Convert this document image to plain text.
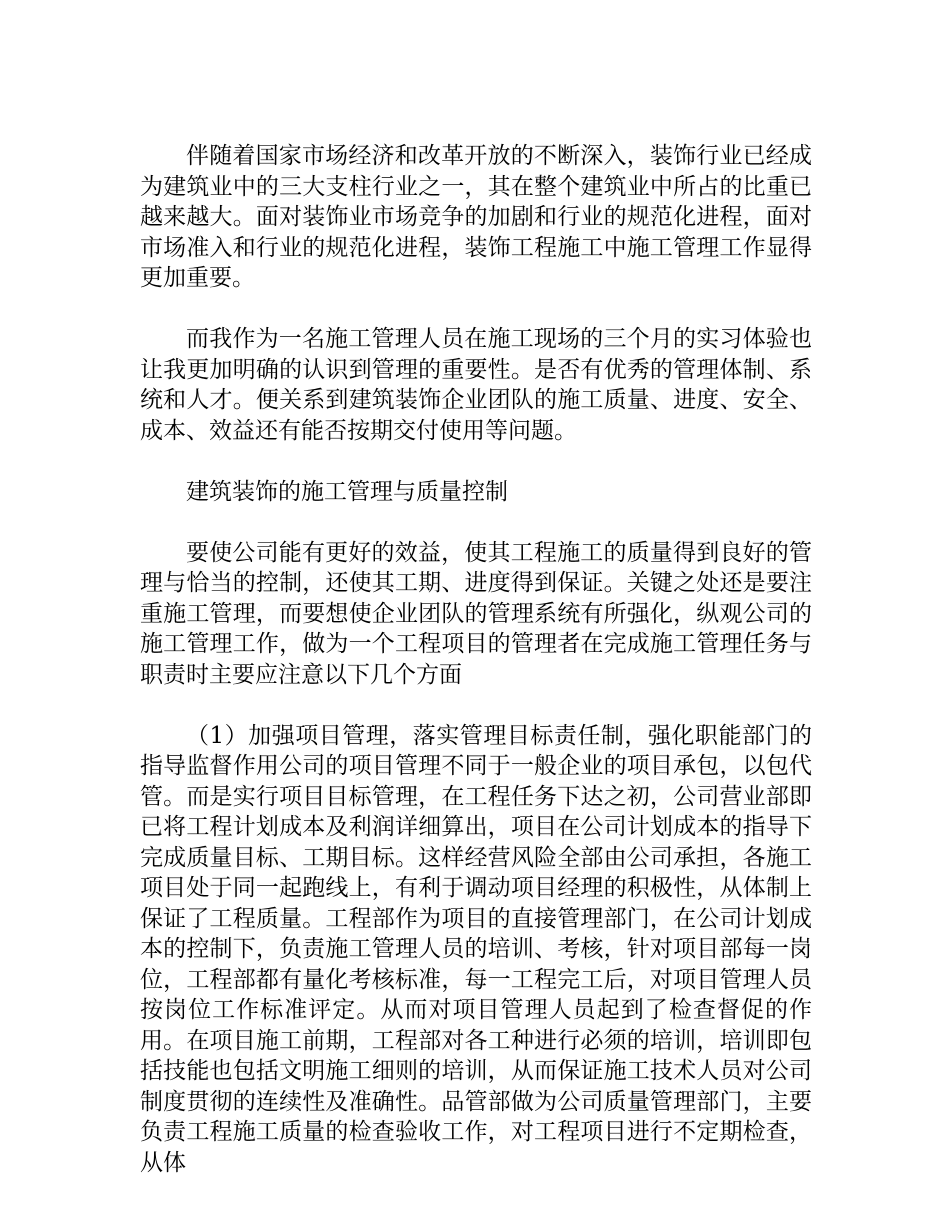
伴随着国家市场经济和改革开放的不断深入，装饰行业已经成为建筑业中的三大支柱行业之一，其在整个建筑业中所占的比重已越来越大。面对装饰业市场竞争的加剧和行业的规范化进程，面对市场准入和行业的规范化进程，装饰工程施工中施工管理工作显得更加重要。

而我作为一名施工管理人员在施工现场的三个月的实习体验也让我更加明确的认识到管理的重要性。是否有优秀的管理体制、系统和人才。便关系到建筑装饰企业团队的施工质量、进度、安全、成本、效益还有能否按期交付使用等问题。

建筑装饰的施工管理与质量控制

要使公司能有更好的效益，使其工程施工的质量得到良好的管理与恰当的控制，还使其工期、进度得到保证。关键之处还是要注重施工管理，而要想使企业团队的管理系统有所强化，纵观公司的施工管理工作，做为一个工程项目的管理者在完成施工管理任务与职责时主要应注意以下几个方面

（1）加强项目管理，落实管理目标责任制，强化职能部门的指导监督作用公司的项目管理不同于一般企业的项目承包，以包代管。而是实行项目目标管理，在工程任务下达之初，公司营业部即已将工程计划成本及利润详细算出，项目在公司计划成本的指导下完成质量目标、工期目标。这样经营风险全部由公司承担，各施工项目处于同一起跑线上，有利于调动项目经理的积极性，从体制上保证了工程质量。工程部作为项目的直接管理部门，在公司计划成本的控制下，负责施工管理人员的培训、考核，针对项目部每一岗位，工程部都有量化考核标准，每一工程完工后，对项目管理人员按岗位工作标准评定。从而对项目管理人员起到了检查督促的作用。在项目施工前期，工程部对各工种进行必须的培训，培训即包括技能也包括文明施工细则的培训，从而保证施工技术人员对公司制度贯彻的连续性及准确性。品管部做为公司质量管理部门，主要负责工程施工质量的检查验收工作，对工程项目进行不定期检查，从体
